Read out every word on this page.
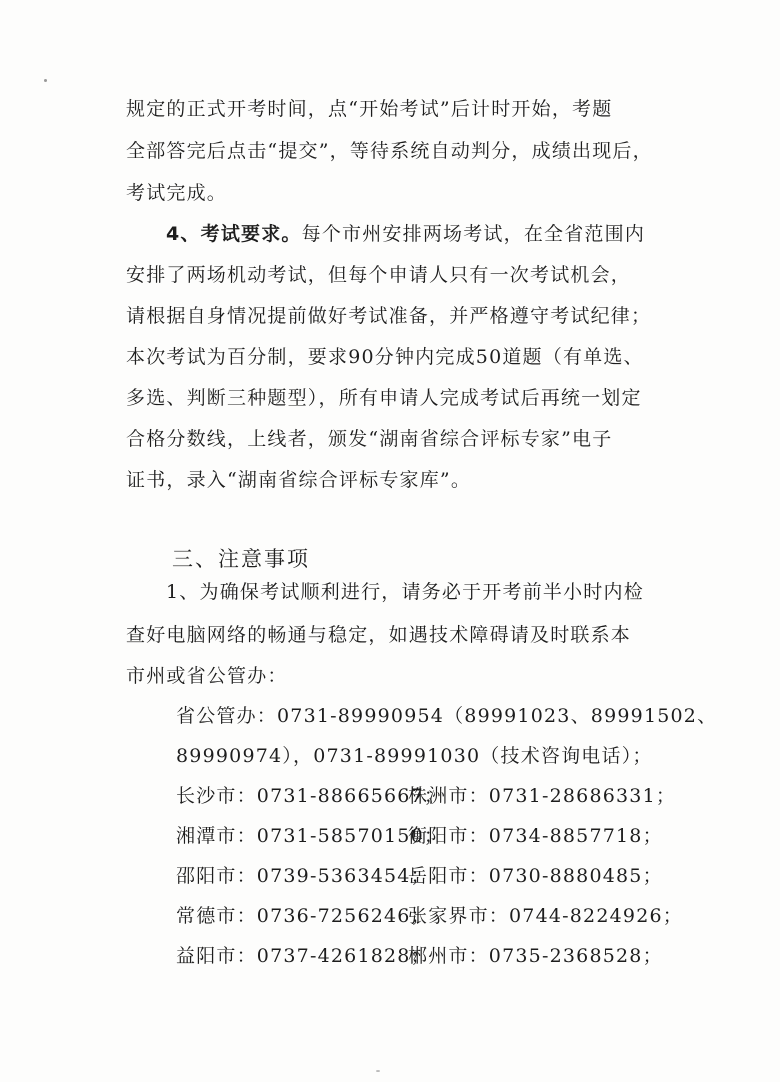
规定的正式开考时间，点“开始考试”后计时开始，考题
全部答完后点击“提交”，等待系统自动判分，成绩出现后，
考试完成。
4、考试要求。每个市州安排两场考试，在全省范围内
安排了两场机动考试，但每个申请人只有一次考试机会，
请根据自身情况提前做好考试准备，并严格遵守考试纪律；
本次考试为百分制，要求90分钟内完成50道题（有单选、
多选、判断三种题型），所有申请人完成考试后再统一划定
合格分数线，上线者，颁发“湖南省综合评标专家”电子
证书，录入“湖南省综合评标专家库”。
三、注意事项
1、为确保考试顺利进行，请务必于开考前半小时内检
查好电脑网络的畅通与稳定，如遇技术障碍请及时联系本
市州或省公管办：
省公管办：0731-89990954（89991023、89991502、
89990974），0731-89991030（技术咨询电话）；
长沙市：0731-88665667；
株洲市：0731-28686331；
湘潭市：0731-58570150；
衡阳市：0734-8857718；
邵阳市：0739-5363454；
岳阳市：0730-8880485；
常德市：0736-7256246；
张家界市：0744-8224926；
益阳市：0737-4261828；
郴州市：0735-2368528；
